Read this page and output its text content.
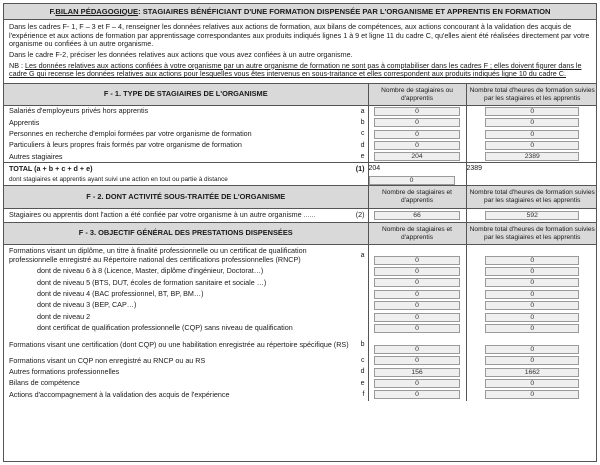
F. BILAN PÉDAGOGIQUE : STAGIAIRES BÉNÉFICIANT D'UNE FORMATION DISPENSÉE PAR L'ORGANISME ET APPRENTIS EN FORMATION

Dans les cadres F- 1, F – 3 et F – 4, renseigner les données relatives aux actions de formation, aux bilans de compétences, aux actions concourant à la validation des acquis de l'expérience et aux actions de formation par apprentissage correspondantes aux produits indiqués lignes 1 à 9 et ligne 11 du cadre C, qu'elles aient été réalisées directement par votre organisme ou confiées à un autre organisme.

Dans le cadre F-2, préciser les données relatives aux actions que vous avez confiées à un autre organisme.

NB : Les données relatives aux actions confiées à votre organisme par un autre organisme de formation ne sont pas à comptabiliser dans les cadres F ; elles doivent figurer dans le cadre G qui recense les données relatives aux actions pour lesquelles vous êtes intervenus en sous-traitance et elles correspondent aux produits indiqués ligne 10 du cadre C.

F - 1. TYPE DE STAGIAIRES DE L'ORGANISME	Nombre de stagiaires ou d'apprentis	Nombre total d'heures de formation suivies par les stagiaires et les apprentis
Salariés d'employeurs privés hors apprentis a	0	0
Apprentis b	0	0
Personnes en recherche d'emploi formées par votre organisme de formation c	0	0
Particuliers à leurs propres frais formés par votre organisme de formation d	0	0
Autres stagiaires e	204	2389
TOTAL (a + b + c + d + e) (1)	204	2389
dont stagiaires et apprentis ayant suivi une action en tout ou partie à distance	0	
F - 2. DONT ACTIVITÉ SOUS-TRAITÉE DE L'ORGANISME	Nombre de stagiaires et d'apprentis	Nombre total d'heures de formation suivies par les stagiaires et les apprentis
Stagiaires ou apprentis dont l'action a été confiée par votre organisme à un autre organisme ...... (2)	66	592
F - 3. OBJECTIF GÉNÉRAL DES PRESTATIONS DISPENSÉES	Nombre de stagiaires et d'apprentis	Nombre total d'heures de formation suivies par les stagiaires et les apprentis
Formations visant un diplôme, un titre à finalité professionnelle ou un certificat de qualification professionnelle enregistré au Répertoire national des certifications professionnelles (RNCP) a	0	0
dont de niveau 6 à 8 (Licence, Master, diplôme d'ingénieur, Doctorat…)	0	0
dont de niveau 5 (BTS, DUT, écoles de formation sanitaire et sociale …)	0	0
dont de niveau 4 (BAC professionnel, BT, BP, BM…)	0	0
dont de niveau 3 (BEP, CAP…)	0	0
dont de niveau 2	0	0
dont certificat de qualification professionnelle (CQP) sans niveau de qualification	0	0
Formations visant une certification (dont CQP) ou une habilitation enregistrée au répertoire spécifique (RS) b	0	0
Formations visant un CQP non enregistré au RNCP ou au RS c	0	0
Autres formations professionnelles d	156	1662
Bilans de compétence e	0	0
Actions d'accompagnement à la validation des acquis de l'expérience f	0	0
